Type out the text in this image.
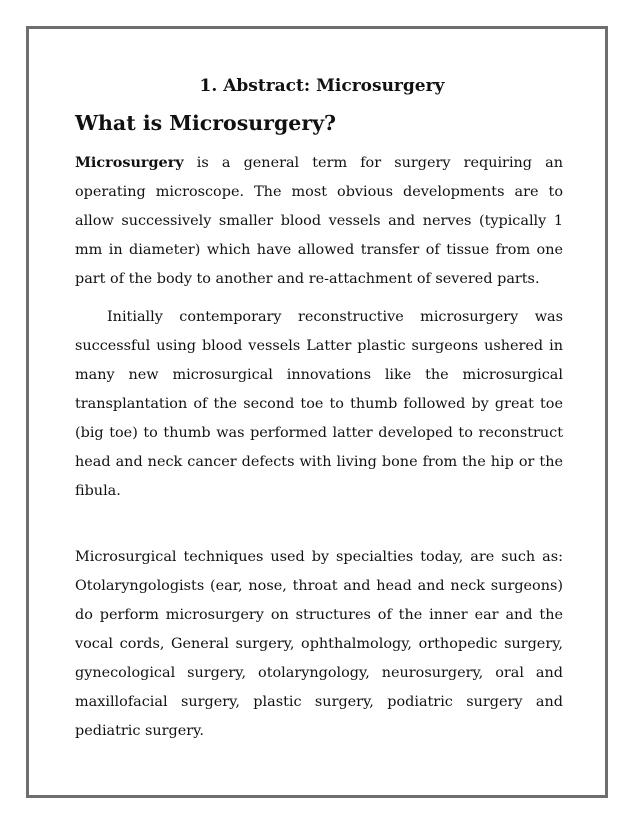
1. Abstract: Microsurgery
What is Microsurgery?

Microsurgery is a general term for surgery requiring an operating microscope. The most obvious developments are to allow successively smaller blood vessels and nerves (typically 1 mm in diameter) which have allowed transfer of tissue from one part of the body to another and re-attachment of severed parts.

Initially contemporary reconstructive microsurgery was successful using blood vessels Latter plastic surgeons ushered in many new microsurgical innovations like the microsurgical transplantation of the second toe to thumb followed by great toe (big toe) to thumb was performed latter developed to reconstruct head and neck cancer defects with living bone from the hip or the fibula.

Microsurgical techniques used by specialties today, are such as: Otolaryngologists (ear, nose, throat and head and neck surgeons) do perform microsurgery on structures of the inner ear and the vocal cords, General surgery, ophthalmology, orthopedic surgery, gynecological surgery, otolaryngology, neurosurgery, oral and maxillofacial surgery, plastic surgery, podiatric surgery and pediatric surgery.
